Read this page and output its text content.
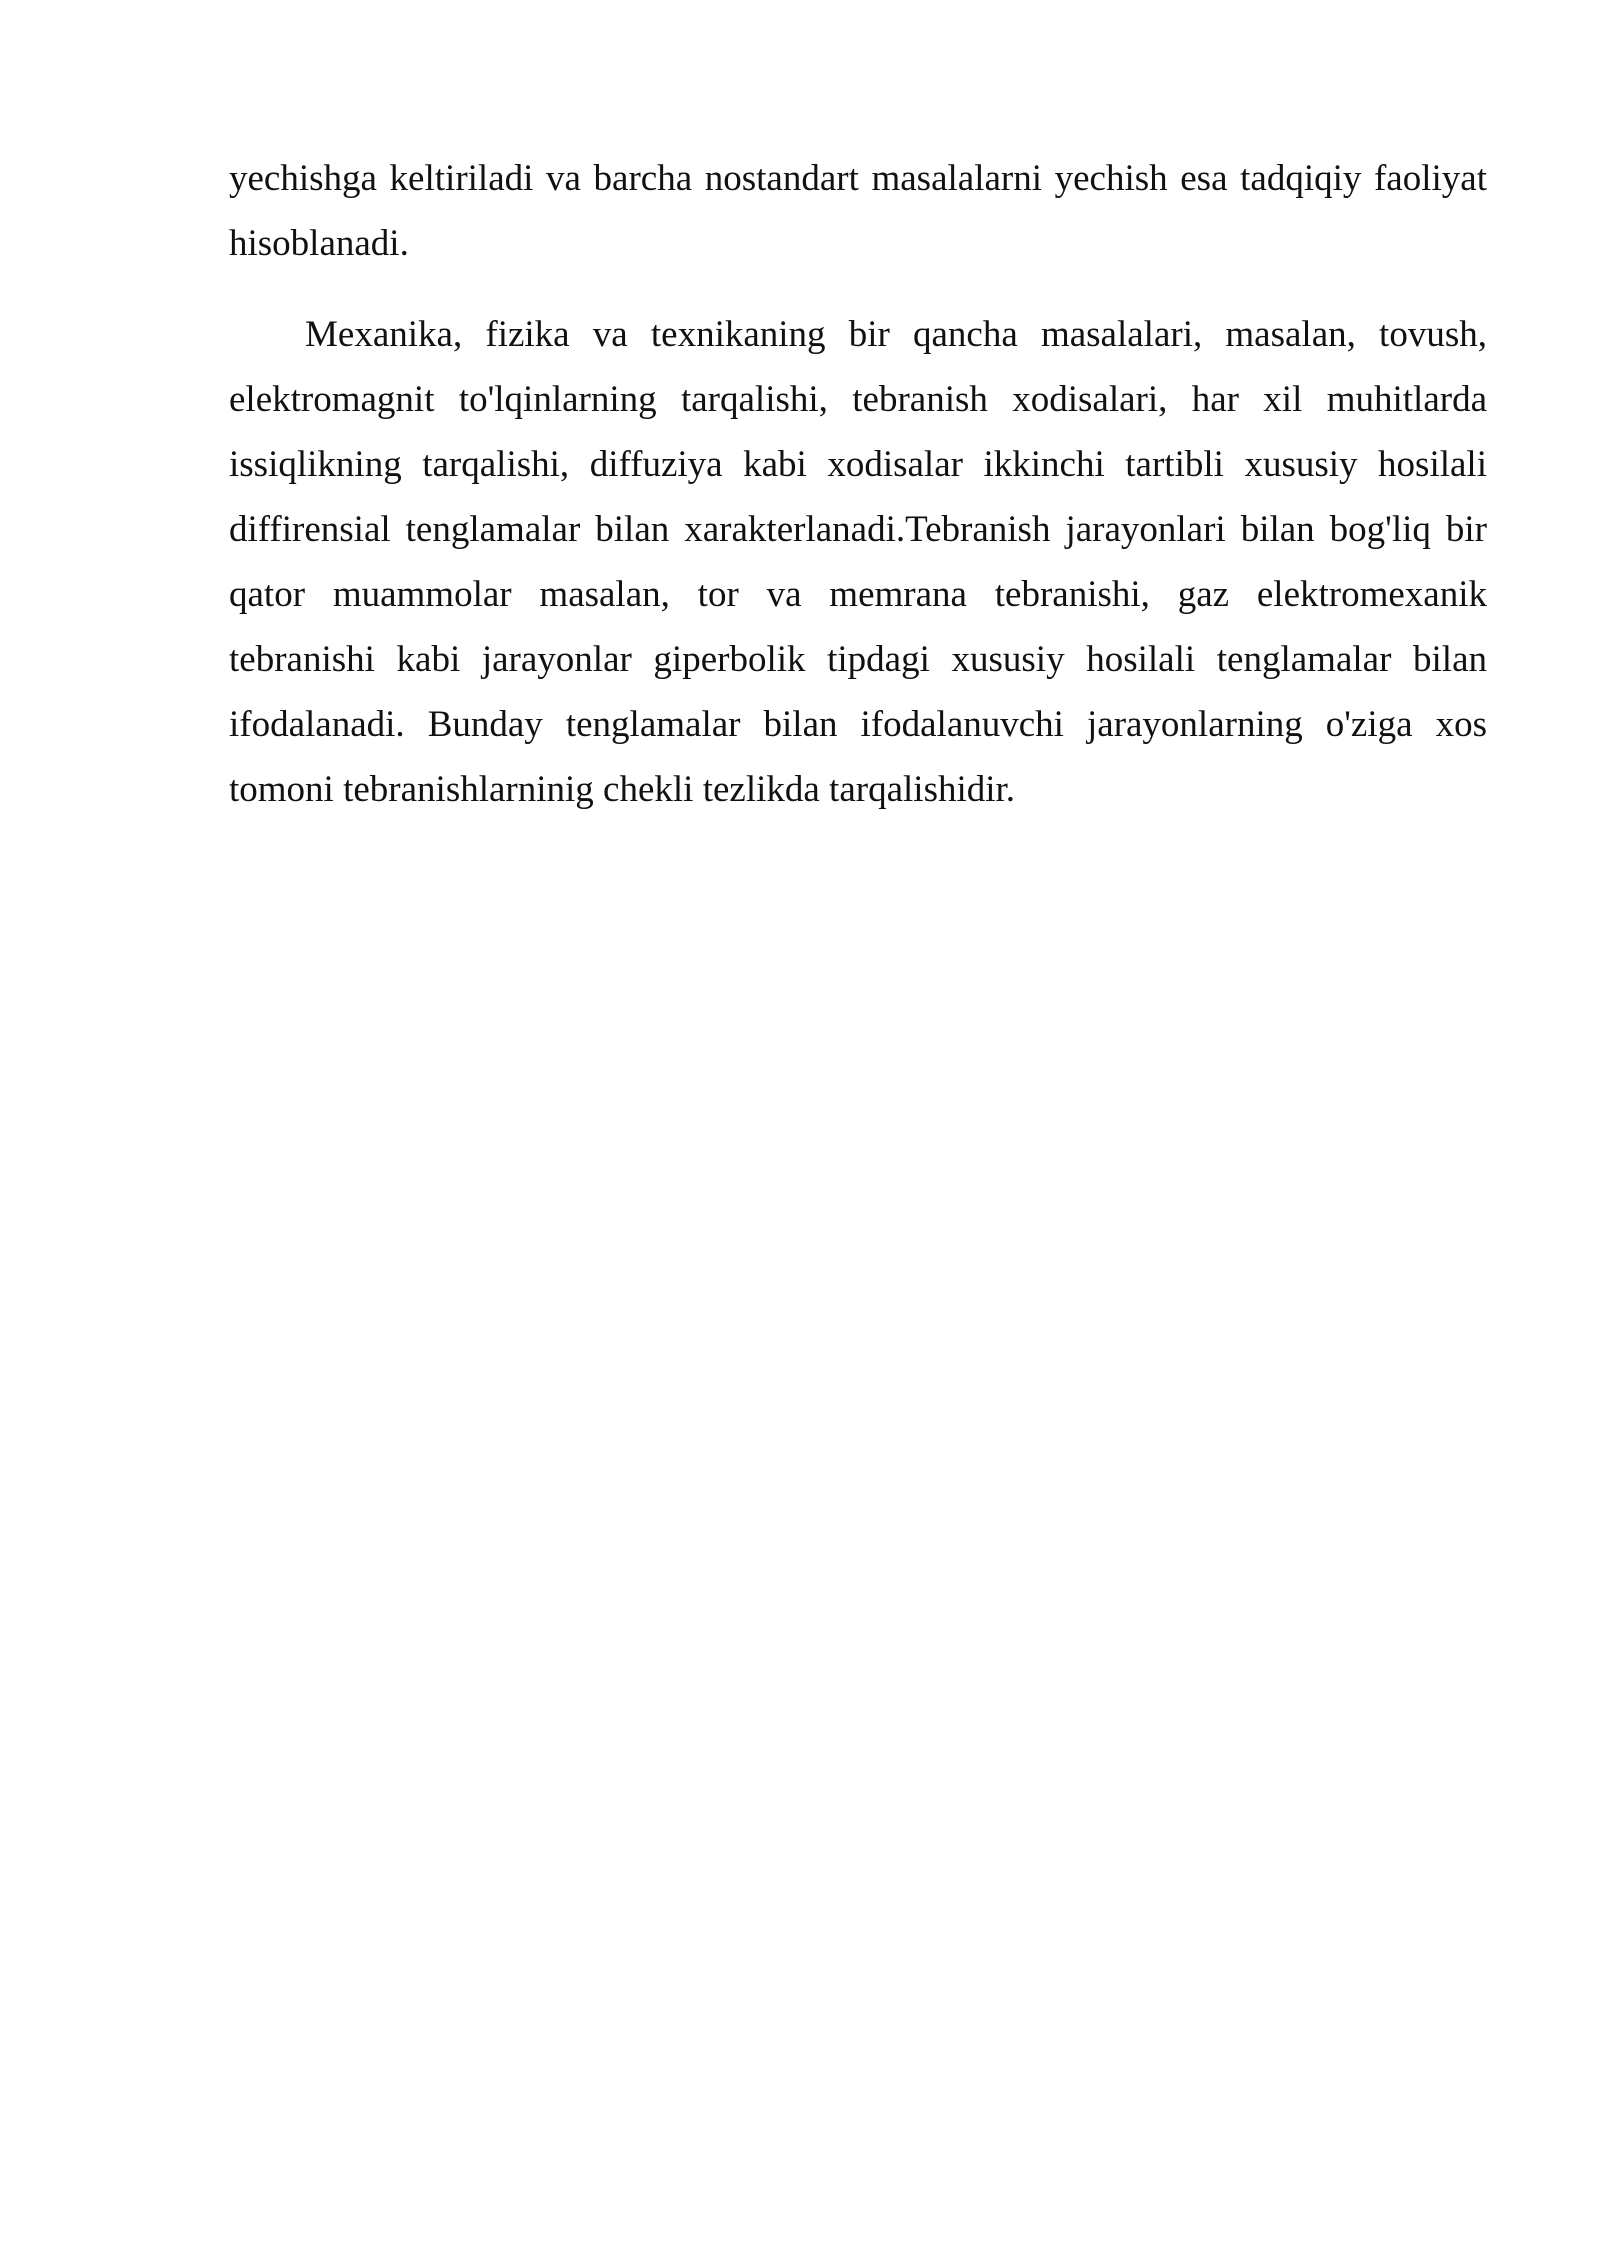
yechishga keltiriladi va barcha nostandart masalalarni yechish esa tadqiqiy faoliyat hisoblanadi.

Mexanika, fizika va texnikaning bir qancha masalalari, masalan, tovush, elektromagnit to'lqinlarning tarqalishi, tebranish xodisalari, har xil muhitlarda issiqlikning tarqalishi, diffuziya kabi xodisalar ikkinchi tartibli xususiy hosilali diffirensial tenglamalar bilan xarakterlanadi.Tebranish jarayonlari bilan bog'liq bir qator muammolar masalan, tor va memrana tebranishi, gaz elektromexanik tebranishi kabi jarayonlar giperbolik tipdagi xususiy hosilali tenglamalar bilan ifodalanadi. Bunday tenglamalar bilan ifodalanuvchi jarayonlarning o'ziga xos tomoni tebranishlarninig chekli tezlikda tarqalishidir.
